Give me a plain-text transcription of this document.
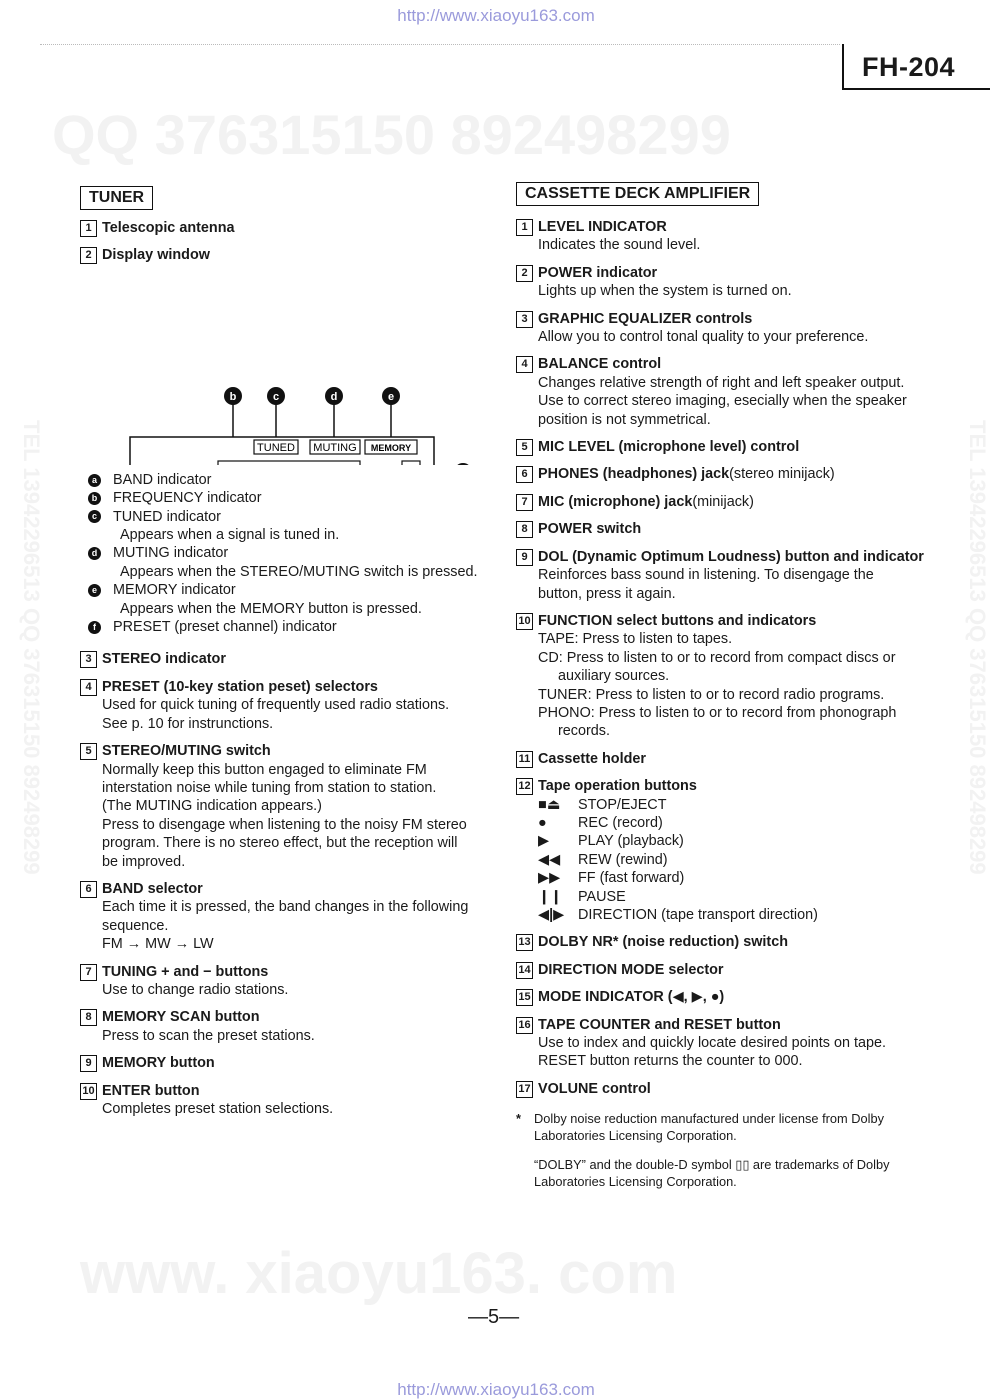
http://www.xiaoyu163.com
FH-204
QQ 376315150 892498299
www. xiaoyu163. com
TEL 13942296513 QQ 376315150 892498299	TEL 13942296513 QQ 376315150 892498299
TUNER
1 Telescopic antenna
2 Display window
b	c	d	e
TUNED MUTING MEMORY
a BAND indicator
b FREQUENCY indicator
c TUNED indicator
Appears when a signal is tuned in.
d MUTING indicator
Appears when the STEREO/MUTING switch is pressed.
e MEMORY indicator
Appears when the MEMORY button is pressed.
f	PRESET (preset channel) indicator
3 STEREO indicator
4 PRESET (10-key station peset) selectors
Used for quick tuning of frequently used radio stations.
See p. 10 for instrunctions.
5 STEREO/MUTING switch
Normally keep this button engaged to eliminate FM
interstation noise while tuning from station to station.
(The MUTING indication appears.)
Press to disengage when listening to the noisy FM stereo
program. There is no stereo effect, but the reception will
be improved.
6 BAND selector
Each time it is pressed, the band changes in the following
sequence.
FM → MW → LW
7 TUNING + and − buttons
Use to change radio stations.
8 MEMORY SCAN button
Press to scan the preset stations.
9 MEMORY button
10 ENTER button
Completes preset station selections.
CASSETTE DECK AMPLIFIER
1 LEVEL INDICATOR
Indicates the sound level.
2 POWER indicator
Lights up when the system is turned on.
3 GRAPHIC EQUALIZER controls
Allow you to control tonal quality to your preference.
4 BALANCE control
Changes relative strength of right and left speaker output.
Use to correct stereo imaging, esecially when the speaker
position is not symmetrical.
5 MIC LEVEL (microphone level) control
6 PHONES (headphones) jack (stereo minijack)
7 MIC (microphone) jack (minijack)
8 POWER switch
9 DOL (Dynamic Optimum Loudness) button and indicator
Reinforces bass sound in listening. To disengage the
button, press it again.
10 FUNCTION select buttons and indicators
TAPE: Press to listen to tapes.
CD: Press to listen to or to record from compact discs or
auxiliary sources.
TUNER: Press to listen to or to record radio programs.
PHONO: Press to listen to or to record from phonograph
records.
11 Cassette holder
12 Tape operation buttons
■⏏	STOP/EJECT
●	REC (record)
▶	PLAY (playback)
◀◀	REW (rewind)
▶▶	FF (fast forward)
❙❙	PAUSE
◀|▶ DIRECTION (tape transport direction)
13 DOLBY NR* (noise reduction) switch
14 DIRECTION MODE selector
15 MODE INDICATOR (◀, ▶, ●)
16 TAPE COUNTER and RESET button
Use to index and quickly locate desired points on tape.
RESET button returns the counter to 000.
17 VOLUNE control
*	Dolby noise reduction manufactured under license from Dolby
Laboratories Licensing Corporation.
“DOLBY” and the double-D symbol ▯▯ are trademarks of Dolby
Laboratories Licensing Corporation.
—5—
http://www.xiaoyu163.com
